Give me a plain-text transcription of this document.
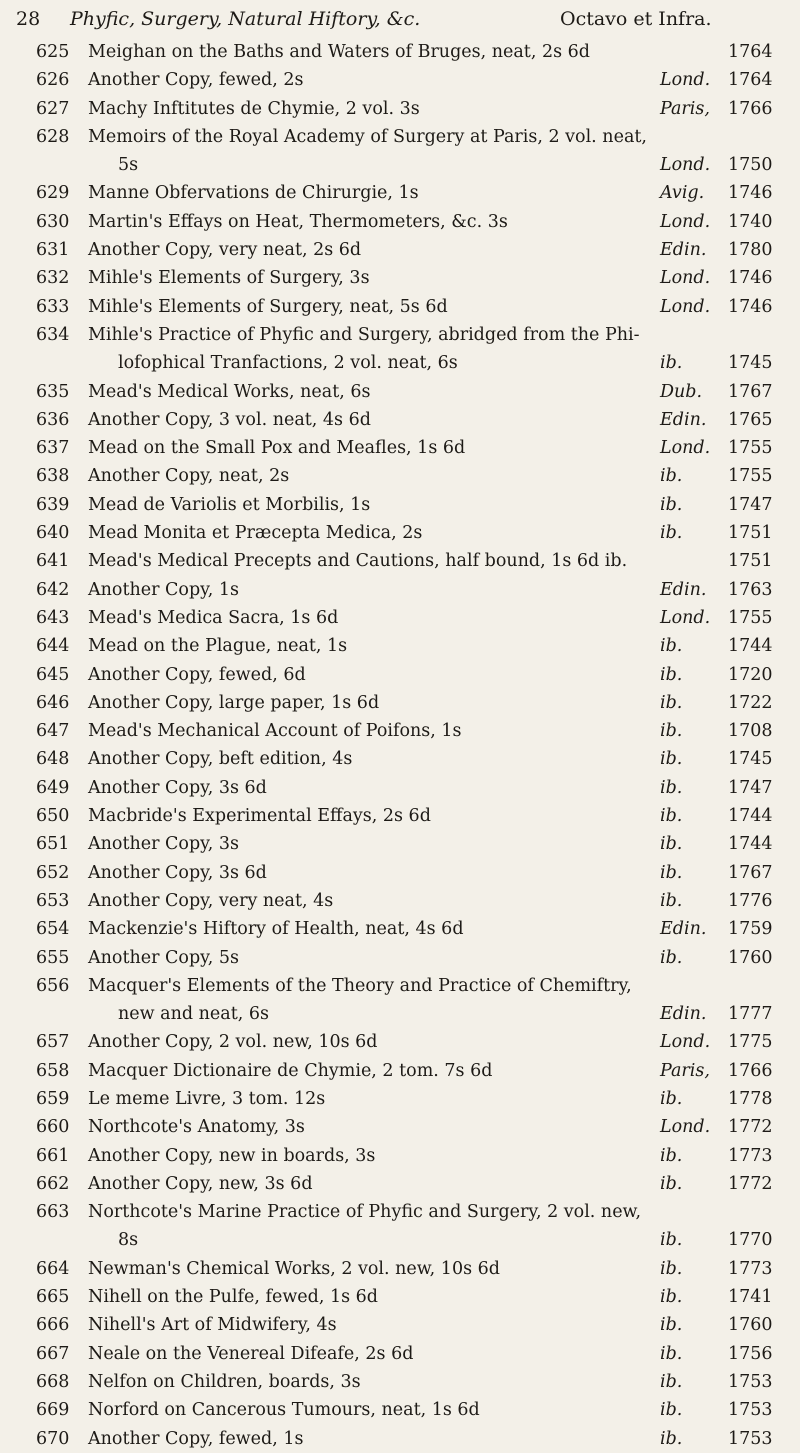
28 Phyfic, Surgery, Natural Hiftory, &c.	Octavo et Infra.
625	Meighan on the Baths and Waters of Bruges, neat, 2s 6d	1764
626	Another Copy, fewed, 2s	Lond. 1764
627	Machy Inftitutes de Chymie, 2 vol. 3s	Paris, 1766
628	Memoirs of the Royal Academy of Surgery at Paris, 2 vol. neat,
5s	Lond. 1750
629	Manne Obfervations de Chirurgie, 1s	Avig. 1746
630	Martin's Effays on Heat, Thermometers, &c. 3s	Lond. 1740
631	Another Copy, very neat, 2s 6d	Edin. 1780
632	Mihle's Elements of Surgery, 3s	Lond. 1746
633	Mihle's Elements of Surgery, neat, 5s 6d	Lond. 1746
634	Mihle's Practice of Phyfic and Surgery, abridged from the Phi-
lofophical Tranfactions, 2 vol. neat, 6s	ib.	1745
635	Mead's Medical Works, neat, 6s	Dub. 1767
636	Another Copy, 3 vol. neat, 4s 6d	Edin. 1765
637	Mead on the Small Pox and Meafles, 1s 6d	Lond. 1755
638	Another Copy, neat, 2s	ib.	1755
639	Mead de Variolis et Morbilis, 1s	ib.	1747
640	Mead Monita et Præcepta Medica, 2s	ib.	1751
641	Mead's Medical Precepts and Cautions, half bound, 1s 6d ib.	1751
642	Another Copy, 1s	Edin. 1763
643	Mead's Medica Sacra, 1s 6d	Lond. 1755
644	Mead on the Plague, neat, 1s	ib.	1744
645	Another Copy, fewed, 6d	ib.	1720
646	Another Copy, large paper, 1s 6d	ib.	1722
647	Mead's Mechanical Account of Poifons, 1s	ib.	1708
648	Another Copy, beft edition, 4s	ib.	1745
649	Another Copy, 3s 6d	ib.	1747
650	Macbride's Experimental Effays, 2s 6d	ib.	1744
651	Another Copy, 3s	ib.	1744
652	Another Copy, 3s 6d	ib.	1767
653	Another Copy, very neat, 4s	ib.	1776
654	Mackenzie's Hiftory of Health, neat, 4s 6d	Edin. 1759
655	Another Copy, 5s	ib.	1760
656	Macquer's Elements of the Theory and Practice of Chemiftry,
new and neat, 6s	Edin. 1777
657	Another Copy, 2 vol. new, 10s 6d	Lond. 1775
658	Macquer Dictionaire de Chymie, 2 tom. 7s 6d	Paris, 1766
659	Le meme Livre, 3 tom. 12s	ib.	1778
660	Northcote's Anatomy, 3s	Lond. 1772
661	Another Copy, new in boards, 3s	ib.	1773
662	Another Copy, new, 3s 6d	ib.	1772
663	Northcote's Marine Practice of Phyfic and Surgery, 2 vol. new,
8s	ib.	1770
664	Newman's Chemical Works, 2 vol. new, 10s 6d	ib.	1773
665	Nihell on the Pulfe, fewed, 1s 6d	ib.	1741
666	Nihell's Art of Midwifery, 4s	ib.	1760
667	Neale on the Venereal Difeafe, 2s 6d	ib.	1756
668	Nelfon on Children, boards, 3s	ib.	1753
669	Norford on Cancerous Tumours, neat, 1s 6d	ib.	1753
670	Another Copy, fewed, 1s	ib.	1753
